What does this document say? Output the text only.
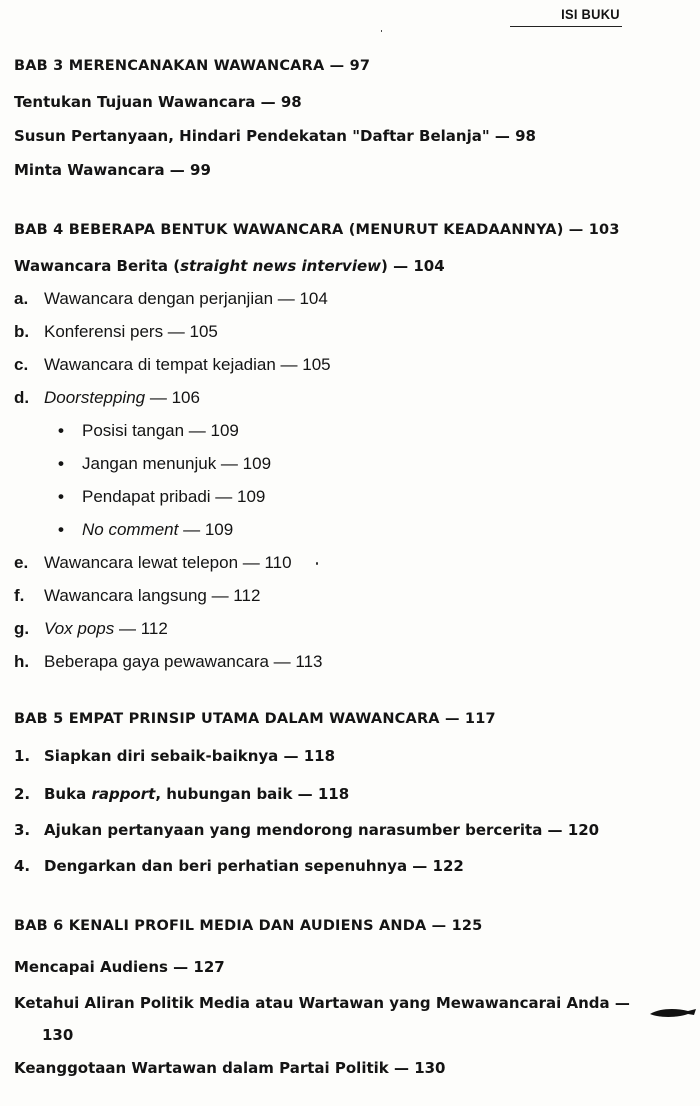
ISI BUKU
BAB 3 MERENCANAKAN WAWANCARA — 97
Tentukan Tujuan Wawancara — 98
Susun Pertanyaan, Hindari Pendekatan "Daftar Belanja" — 98
Minta Wawancara — 99
BAB 4 BEBERAPA BENTUK WAWANCARA (MENURUT KEADAANNYA) — 103
Wawancara Berita (straight news interview) — 104
a. Wawancara dengan perjanjian — 104
b. Konferensi pers — 105
c. Wawancara di tempat kejadian — 105
d. Doorstepping — 106
• Posisi tangan — 109
• Jangan menunjuk — 109
• Pendapat pribadi — 109
• No comment — 109
e. Wawancara lewat telepon — 110
f. Wawancara langsung — 112
g. Vox pops — 112
h. Beberapa gaya pewawancara — 113
BAB 5 EMPAT PRINSIP UTAMA DALAM WAWANCARA — 117
1. Siapkan diri sebaik-baiknya — 118
2. Buka rapport, hubungan baik — 118
3. Ajukan pertanyaan yang mendorong narasumber bercerita — 120
4. Dengarkan dan beri perhatian sepenuhnya — 122
BAB 6 KENALI PROFIL MEDIA DAN AUDIENS ANDA — 125
Mencapai Audiens — 127
Ketahui Aliran Politik Media atau Wartawan yang Mewawancarai Anda —
130
Keanggotaan Wartawan dalam Partai Politik — 130
